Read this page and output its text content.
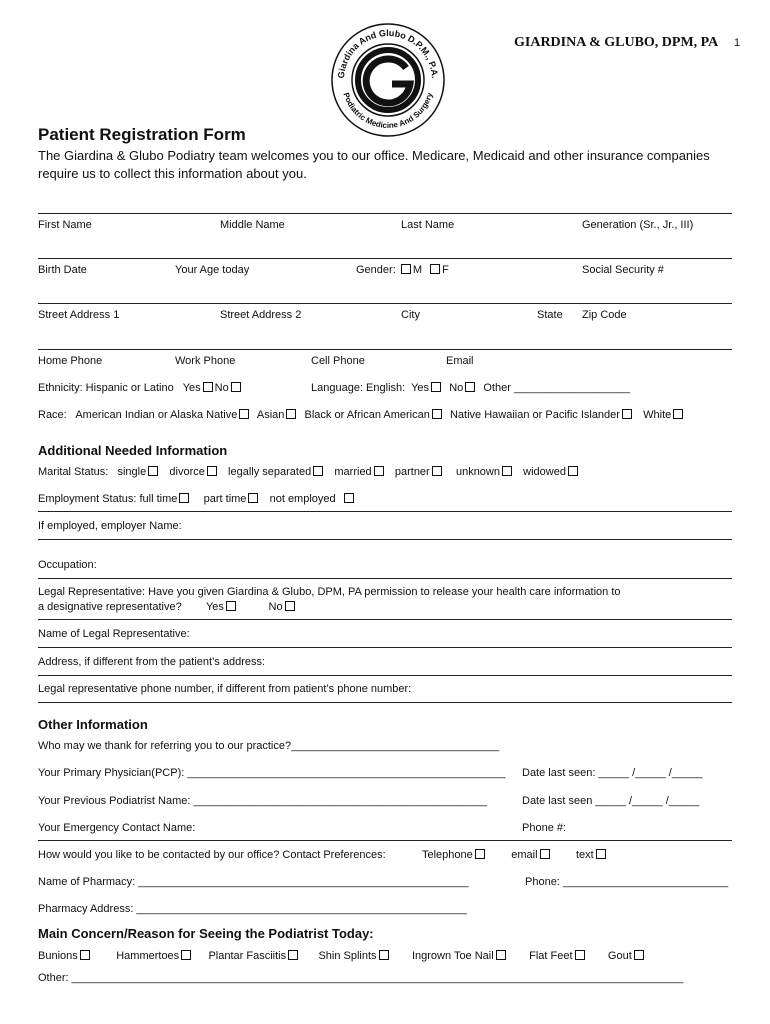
Giardina And Glubo D.P.M., P.A.
Podiatric Medicine And Surgery
GIARDINA & GLUBO, DPM, PA 1
Patient Registration Form
The Giardina & Glubo Podiatry team welcomes you to our office. Medicare, Medicaid and other insurance companies require us to collect this information about you.
First Name	Middle Name	Last Name	Generation (Sr., Jr., III)
Birth Date	Your Age today	Gender: M F	Social Security #
Street Address 1	Street Address 2	City	State Zip Code
Home Phone	Work Phone	Cell Phone	Email
Ethnicity: Hispanic or Latino Yes No	Language: English: Yes No Other ___________________
Race: American Indian or Alaska Native Asian Black or African American Native Hawaiian or Pacific Islander White
Additional Needed Information
Marital Status: single divorce legally separated married partner unknown widowed
Employment Status: full time part time not employed
If employed, employer Name:
Occupation:
Legal Representative: Have you given Giardina & Glubo, DPM, PA permission to release your health care information to
a designative representative? Yes	No
Name of Legal Representative:
Address, if different from the patient’s address:
Legal representative phone number, if different from patient’s phone number:
Other Information
Who may we thank for referring you to our practice?__________________________________
Your Primary Physician(PCP): ____________________________________________________ Date last seen: _____ /_____ /_____
Your Previous Podiatrist Name: ________________________________________________	Date last seen _____ /_____ /_____
Your Emergency Contact Name:	Phone #:
How would you like to be contacted by our office? Contact Preferences:	Telephone	email	text
Name of Pharmacy: ______________________________________________________	Phone: ___________________________
Pharmacy Address: ______________________________________________________
Main Concern/Reason for Seeing the Podiatrist Today:
Bunions	Hammertoes	Plantar Fasciitis	Shin Splints	Ingrown Toe Nail	Flat Feet	Gout
Other: ____________________________________________________________________________________________________
